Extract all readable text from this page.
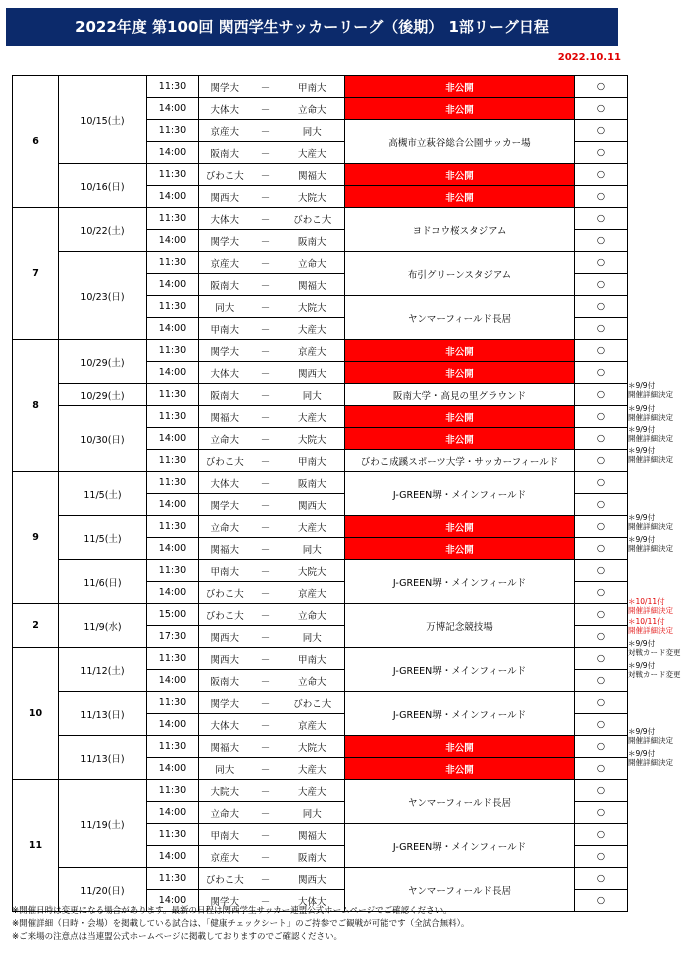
2022年度 第100回 関西学生サッカーリーグ（後期） 1部リーグ日程
2022.10.11
6	10/15(土)	11:30	関学大	－	甲南大	非公開	○
		14:00	大体大	－	立命大	非公開	○
		11:30	京産大	－	同大	高槻市立萩谷総合公園サッカー場	○
		14:00	阪南大	－	大産大		○
	10/16(日)	11:30	びわこ大	－	関福大	非公開	○
		14:00	関西大	－	大院大	非公開	○
7	10/22(土)	11:30	大体大	－	びわこ大	ヨドコウ桜スタジアム	○
		14:00	関学大	－	阪南大		○
	10/23(日)	11:30	京産大	－	立命大	布引グリーンスタジアム	○
		14:00	阪南大	－	関福大		○
		11:30	同大	－	大院大	ヤンマーフィールド長居	○
		14:00	甲南大	－	大産大		○
8	10/29(土)	11:30	関学大	－	京産大	非公開	○
		14:00	大体大	－	関西大	非公開	○
	10/29(土)	11:30	阪南大	－	同大	阪南大学・高見の里グラウンド	○
	10/30(日)	11:30	関福大	－	大産大	非公開	○
		14:00	立命大	－	大院大	非公開	○
		11:30	びわこ大	－	甲南大	びわこ成蹊スポーツ大学・サッカーフィールド	○
9	11/5(土)	11:30	大体大	－	阪南大	J-GREEN堺・メインフィールド	○
		14:00	関学大	－	関西大		○
	11/5(土)	11:30	立命大	－	大産大	非公開	○
		14:00	関福大	－	同大	非公開	○
	11/6(日)	11:30	甲南大	－	大院大	J-GREEN堺・メインフィールド	○
		14:00	びわこ大	－	京産大		○
2	11/9(水)	15:00	びわこ大	－	立命大	万博記念競技場	○
		17:30	関西大	－	同大		○
10	11/12(土)	11:30	関西大	－	甲南大	J-GREEN堺・メインフィールド	○
		14:00	阪南大	－	立命大		○
	11/13(日)	11:30	関学大	－	びわこ大	J-GREEN堺・メインフィールド	○
		14:00	大体大	－	京産大		○
	11/13(日)	11:30	関福大	－	大院大	非公開	○
		14:00	同大	－	大産大	非公開	○
11	11/19(土)	11:30	大院大	－	大産大	ヤンマーフィールド長居	○
		14:00	立命大	－	同大		○
		11:30	甲南大	－	関福大	J-GREEN堺・メインフィールド	○
		14:00	京産大	－	阪南大		○
	11/20(日)	11:30	びわこ大	－	関西大	ヤンマーフィールド長居	○
		14:00	関学大	－	大体大		○
＊9/9付
開催詳細決定
＊9/9付
開催詳細決定
＊9/9付
開催詳細決定
＊9/9付
開催詳細決定
＊9/9付
開催詳細決定
＊9/9付
開催詳細決定
＊10/11付
開催詳細決定
＊10/11付
開催詳細決定
＊9/9付
対戦カード変更
＊9/9付
対戦カード変更
＊9/9付
開催詳細決定
＊9/9付
開催詳細決定
※開催日時は変更になる場合があります。最新の日程は関西学生サッカー連盟公式ホームページでご確認ください。
※開催詳細（日時・会場）を掲載している試合は、「健康チェックシート」のご持参でご観戦が可能です（全試合無料）。
※ご来場の注意点は当連盟公式ホームページに掲載しておりますのでご確認ください。
